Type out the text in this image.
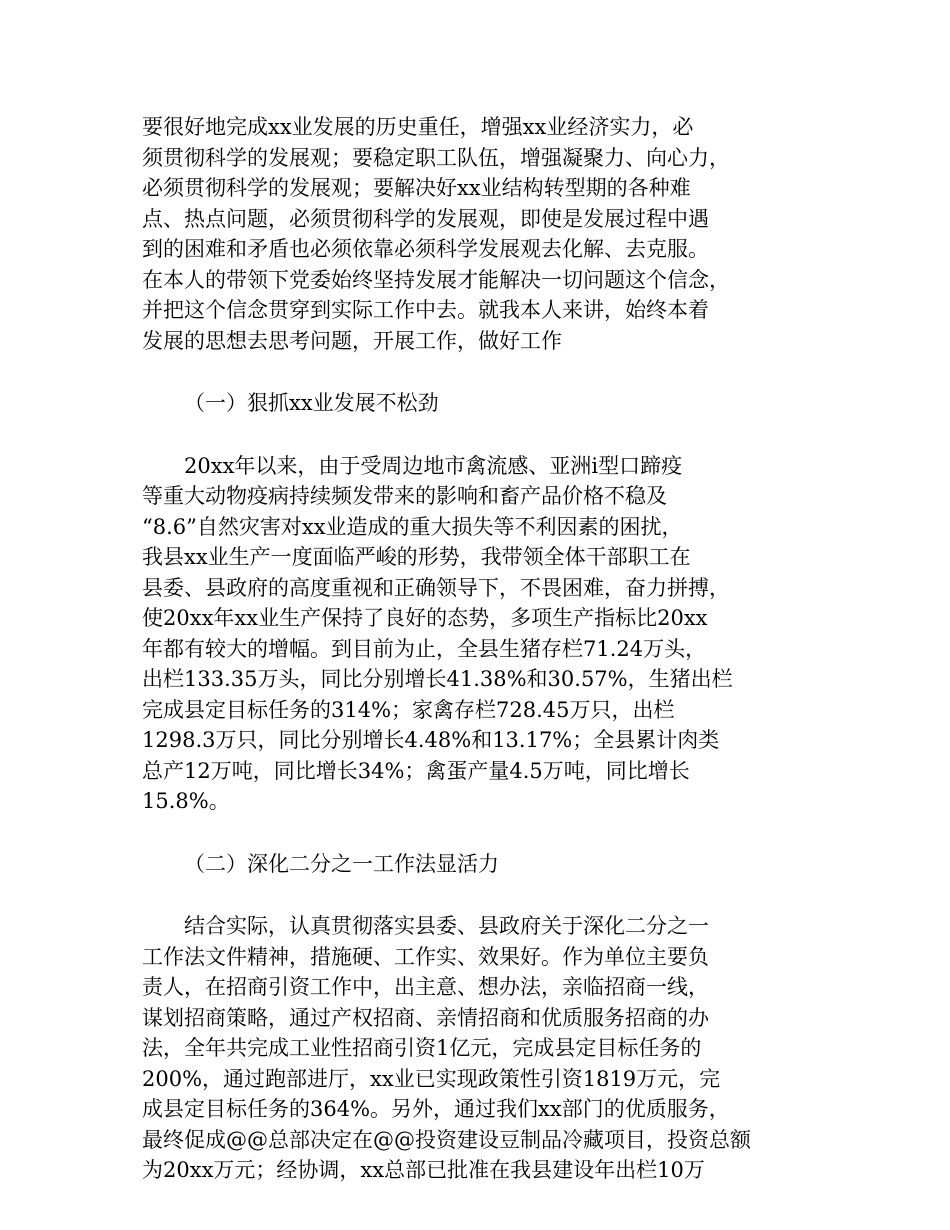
要很好地完成xx业发展的历史重任，增强xx业经济实力，必
须贯彻科学的发展观；要稳定职工队伍，增强凝聚力、向心力，
必须贯彻科学的发展观；要解决好xx业结构转型期的各种难
点、热点问题，必须贯彻科学的发展观，即使是发展过程中遇
到的困难和矛盾也必须依靠必须科学发展观去化解、去克服。
在本人的带领下党委始终坚持发展才能解决一切问题这个信念，
并把这个信念贯穿到实际工作中去。就我本人来讲，始终本着
发展的思想去思考问题，开展工作，做好工作
（一）狠抓xx业发展不松劲
20xx年以来，由于受周边地市禽流感、亚洲i型口蹄疫
等重大动物疫病持续频发带来的影响和畜产品价格不稳及
“8.6”自然灾害对xx业造成的重大损失等不利因素的困扰，
我县xx业生产一度面临严峻的形势，我带领全体干部职工在
县委、县政府的高度重视和正确领导下，不畏困难，奋力拼搏，
使20xx年xx业生产保持了良好的态势，多项生产指标比20xx
年都有较大的增幅。到目前为止，全县生猪存栏71.24万头，
出栏133.35万头，同比分别增长41.38%和30.57%，生猪出栏
完成县定目标任务的314%；家禽存栏728.45万只，出栏
1298.3万只，同比分别增长4.48%和13.17%；全县累计肉类
总产12万吨，同比增长34%；禽蛋产量4.5万吨，同比增长
15.8%。
（二）深化二分之一工作法显活力
结合实际，认真贯彻落实县委、县政府关于深化二分之一
工作法文件精神，措施硬、工作实、效果好。作为单位主要负
责人，在招商引资工作中，出主意、想办法，亲临招商一线，
谋划招商策略，通过产权招商、亲情招商和优质服务招商的办
法，全年共完成工业性招商引资1亿元，完成县定目标任务的
200%，通过跑部进厅，xx业已实现政策性引资1819万元，完
成县定目标任务的364%。另外，通过我们xx部门的优质服务，
最终促成@@总部决定在@@投资建设豆制品冷藏项目，投资总额
为20xx万元；经协调，xx总部已批准在我县建设年出栏10万
